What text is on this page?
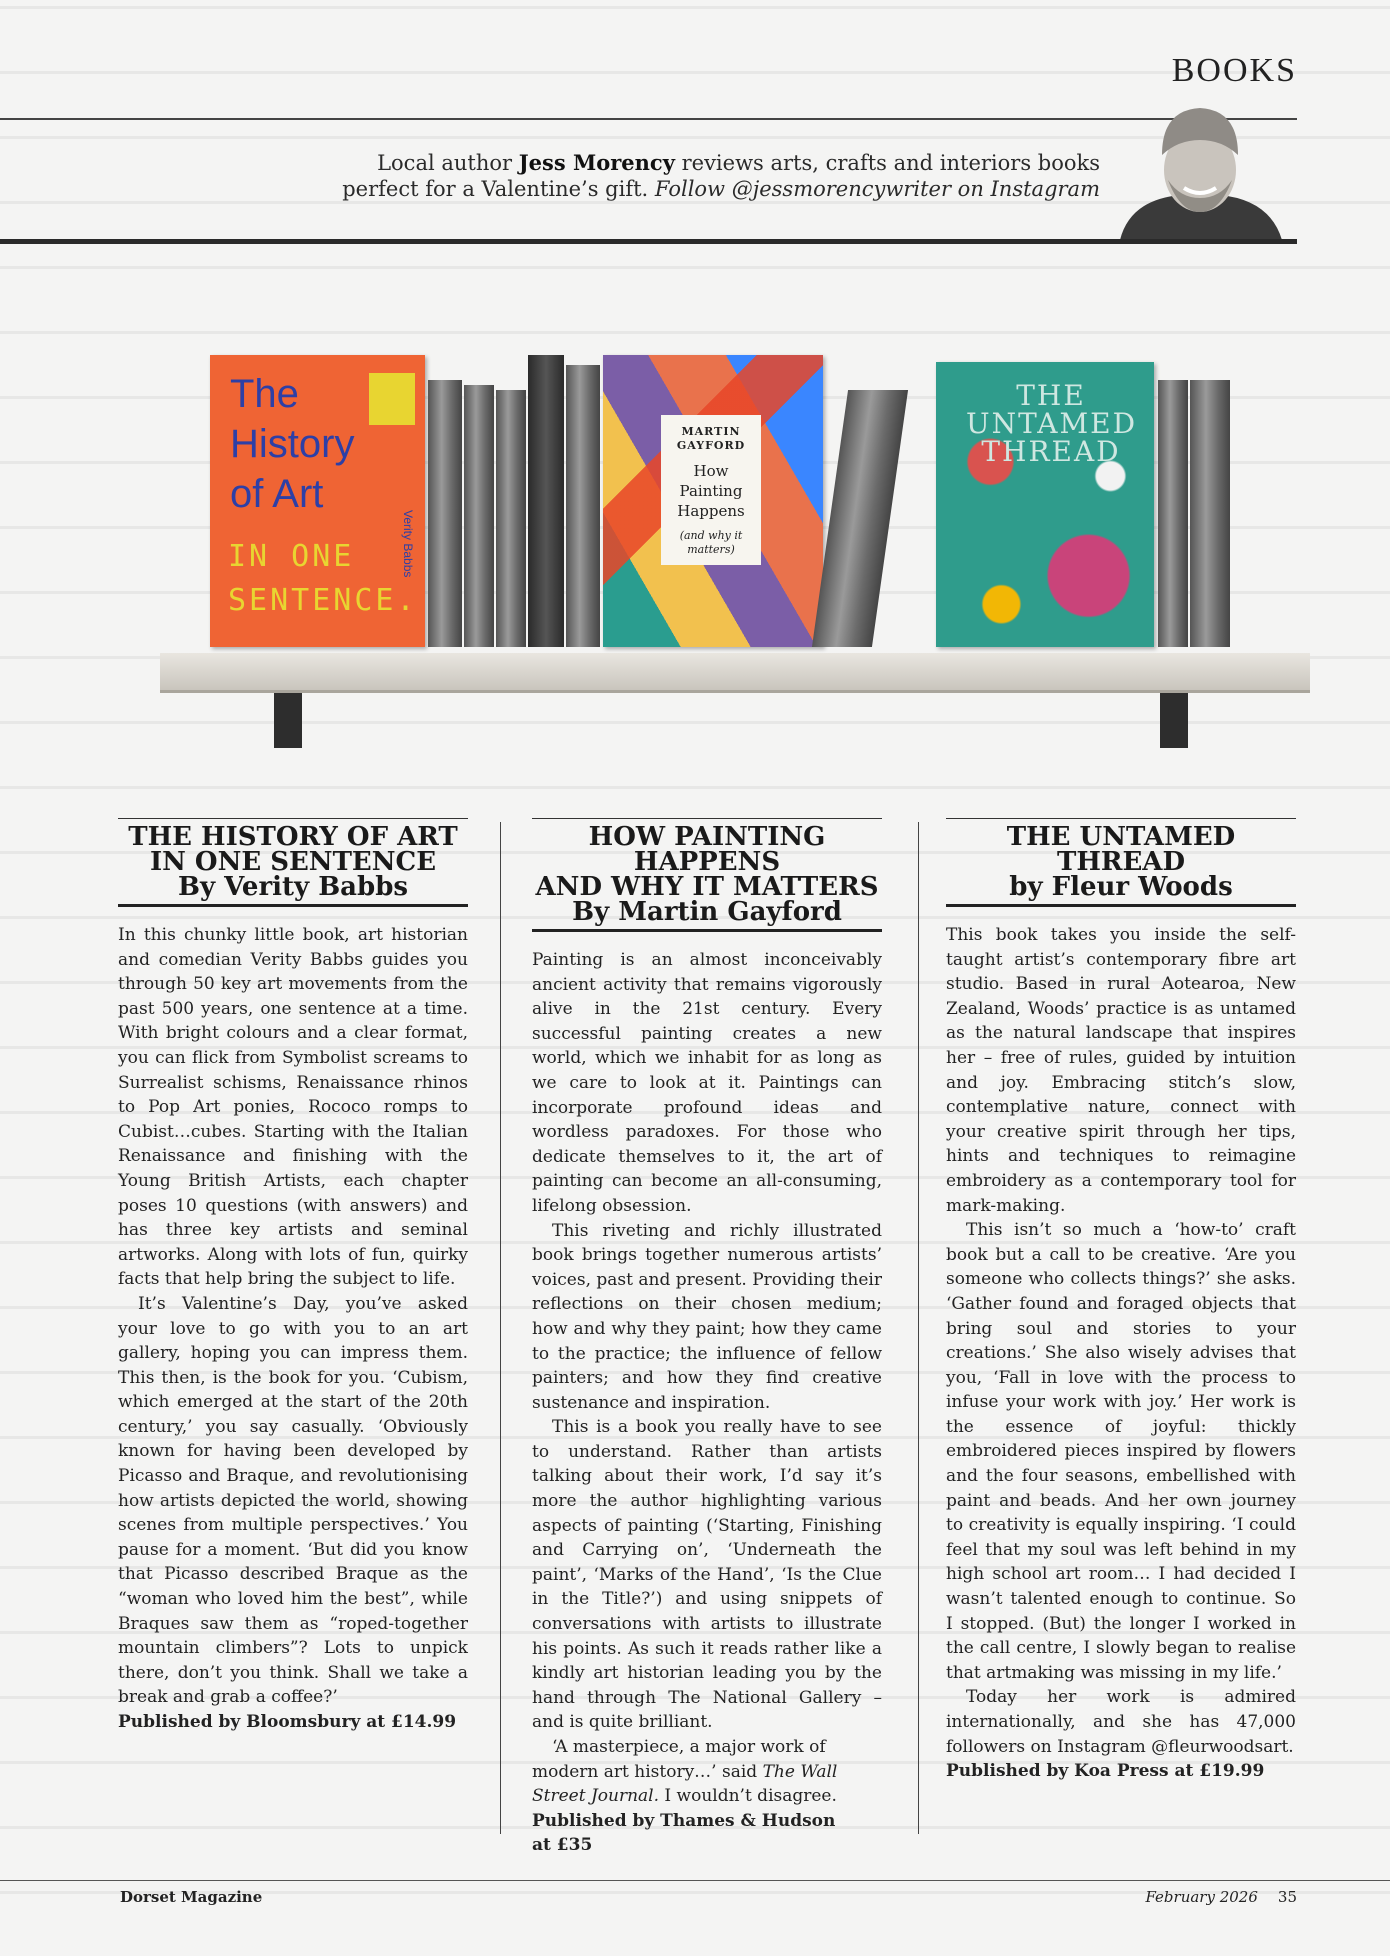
BOOKS
Local author Jess Morency reviews arts, crafts and interiors books perfect for a Valentine’s gift. Follow @jessmorencywriter on Instagram
The
History
of Art
IN ONE
SENTENCE.
Verity Babbs
MARTIN GAYFORD
How
Painting
Happens
(and why it matters)
THE
UNTAMED
THREAD
THE HISTORY OF ART
IN ONE SENTENCE
By Verity Babbs

In this chunky little book, art historian and comedian Verity Babbs guides you through 50 key art movements from the past 500 years, one sentence at a time. With bright colours and a clear format, you can flick from Symbolist screams to Surrealist schisms, Renaissance rhinos to Pop Art ponies, Rococo romps to Cubist…cubes. Starting with the Italian Renaissance and finishing with the Young British Artists, each chapter poses 10 questions (with answers) and has three key artists and seminal artworks. Along with lots of fun, quirky facts that help bring the subject to life.

It’s Valentine’s Day, you’ve asked your love to go with you to an art gallery, hoping you can impress them. This then, is the book for you. ‘Cubism, which emerged at the start of the 20th century,’ you say casually. ‘Obviously known for having been developed by Picasso and Braque, and revolutionising how artists depicted the world, showing scenes from multiple perspectives.’ You pause for a moment. ‘But did you know that Picasso described Braque as the “woman who loved him the best”, while Braques saw them as “roped-together mountain climbers”? Lots to unpick there, don’t you think. Shall we take a break and grab a coffee?’

Published by Bloomsbury at £14.99

HOW PAINTING HAPPENS
AND WHY IT MATTERS
By Martin Gayford

Painting is an almost inconceivably ancient activity that remains vigorously alive in the 21st century. Every successful painting creates a new world, which we inhabit for as long as we care to look at it. Paintings can incorporate profound ideas and wordless paradoxes. For those who dedicate themselves to it, the art of painting can become an all-consuming, lifelong obsession.

This riveting and richly illustrated book brings together numerous artists’ voices, past and present. Providing their reflections on their chosen medium; how and why they paint; how they came to the practice; the influence of fellow painters; and how they find creative sustenance and inspiration.

This is a book you really have to see to understand. Rather than artists talking about their work, I’d say it’s more the author highlighting various aspects of painting (‘Starting, Finishing and Carrying on’, ‘Underneath the paint’, ‘Marks of the Hand’, ‘Is the Clue in the Title?’) and using snippets of conversations with artists to illustrate his points. As such it reads rather like a kindly art historian leading you by the hand through The National Gallery – and is quite brilliant.

‘A masterpiece, a major work of modern art history…’ said The Wall Street Journal. I wouldn’t disagree.

Published by Thames & Hudson
at £35

THE UNTAMED THREAD
by Fleur Woods

This book takes you inside the self-taught artist’s contemporary fibre art studio. Based in rural Aotearoa, New Zealand, Woods’ practice is as untamed as the natural landscape that inspires her – free of rules, guided by intuition and joy. Embracing stitch’s slow, contemplative nature, connect with your creative spirit through her tips, hints and techniques to reimagine embroidery as a contemporary tool for mark-making.

This isn’t so much a ‘how-to’ craft book but a call to be creative. ‘Are you someone who collects things?’ she asks. ‘Gather found and foraged objects that bring soul and stories to your creations.’ She also wisely advises that you, ‘Fall in love with the process to infuse your work with joy.’ Her work is the essence of joyful: thickly embroidered pieces inspired by flowers and the four seasons, embellished with paint and beads. And her own journey to creativity is equally inspiring. ‘I could feel that my soul was left behind in my high school art room… I had decided I wasn’t talented enough to continue. So I stopped. (But) the longer I worked in the call centre, I slowly began to realise that artmaking was missing in my life.’

Today her work is admired internationally, and she has 47,000 followers on Instagram @fleurwoodsart.

Published by Koa Press at £19.99

Dorset Magazine	February 2026 35
